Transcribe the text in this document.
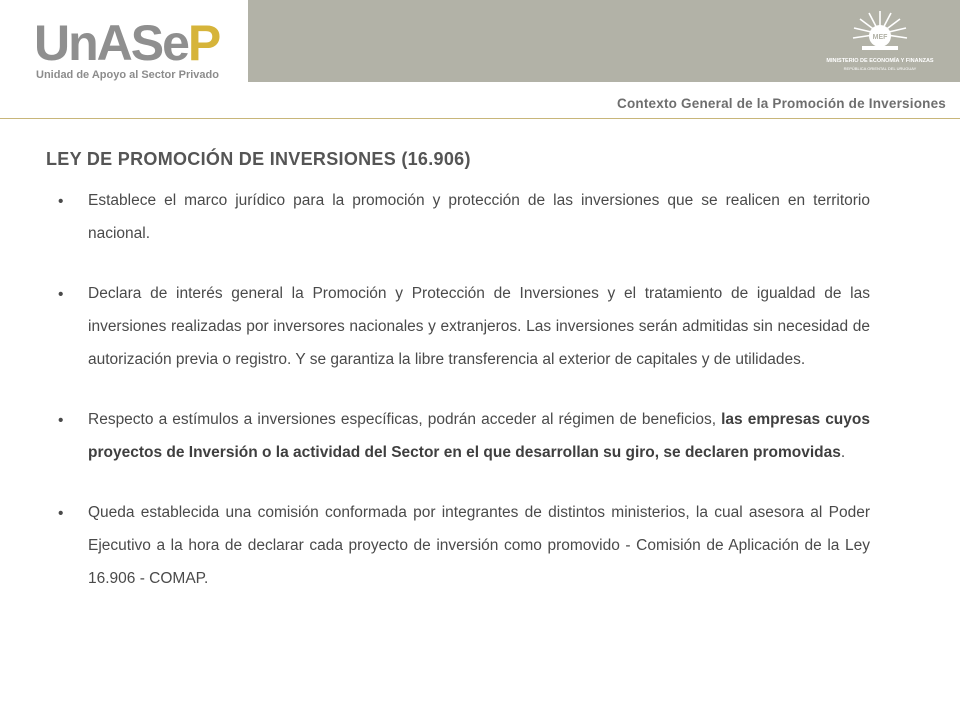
UnASeP
Unidad de Apoyo al Sector Privado
MEF
MINISTERIO DE ECONOMÍA Y FINANZAS
REPÚBLICA ORIENTAL DEL URUGUAY
Contexto General de la Promoción de Inversiones
LEY DE PROMOCIÓN DE INVERSIONES (16.906)
• Establece el marco jurídico para la promoción y protección de las inversiones que se realicen en territorio nacional.
• Declara de interés general la Promoción y Protección de Inversiones y el tratamiento de igualdad de las inversiones realizadas por inversores nacionales y extranjeros. Las inversiones serán admitidas sin necesidad de autorización previa o registro. Y se garantiza la libre transferencia al exterior de capitales y de utilidades.
• Respecto a estímulos a inversiones específicas, podrán acceder al régimen de beneficios, las empresas cuyos proyectos de Inversión o la actividad del Sector en el que desarrollan su giro, se declaren promovidas.
• Queda establecida una comisión conformada por integrantes de distintos ministerios, la cual asesora al Poder Ejecutivo a la hora de declarar cada proyecto de inversión como promovido - Comisión de Aplicación de la Ley 16.906 - COMAP.
